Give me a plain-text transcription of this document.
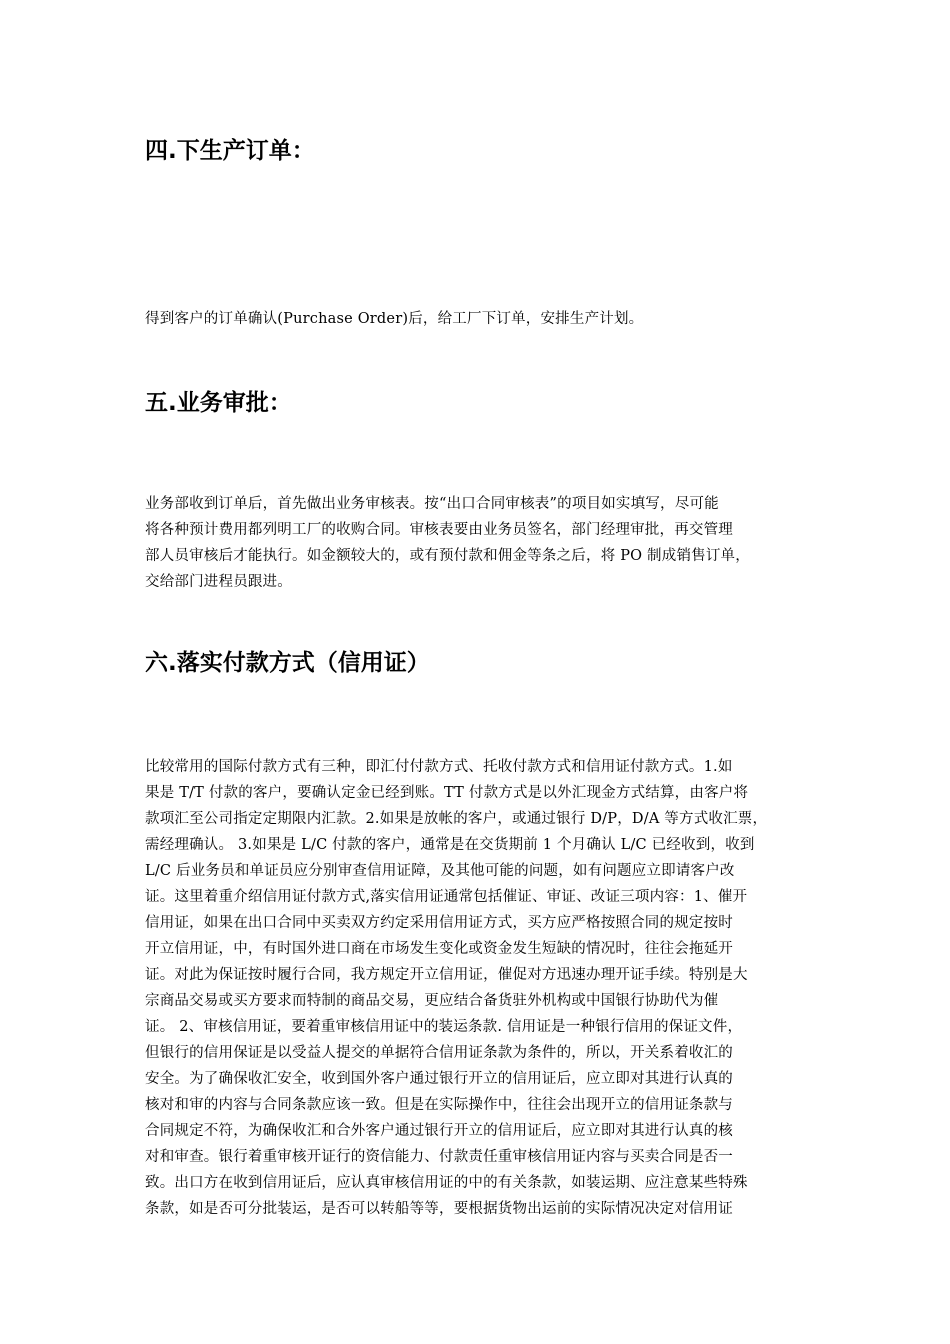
四.下生产订单：

得到客户的订单确认(Purchase Order)后，给工厂下订单，安排生产计划。

五.业务审批：

业务部收到订单后，首先做出业务审核表。按“出口合同审核表”的项目如实填写，尽可能
将各种预计费用都列明工厂的收购合同。审核表要由业务员签名，部门经理审批，再交管理
部人员审核后才能执行。如金额较大的，或有预付款和佣金等条之后，将 PO 制成销售订单，
交给部门进程员跟进。

六.落实付款方式（信用证）

比较常用的国际付款方式有三种，即汇付付款方式、托收付款方式和信用证付款方式。1.如
果是 T/T 付款的客户，要确认定金已经到账。TT 付款方式是以外汇现金方式结算，由客户将
款项汇至公司指定定期限内汇款。2.如果是放帐的客户，或通过银行 D/P，D/A 等方式收汇票，
需经理确认。 3.如果是 L/C 付款的客户，通常是在交货期前 1 个月确认 L/C 已经收到，收到
L/C 后业务员和单证员应分别审查信用证障，及其他可能的问题，如有问题应立即请客户改
证。这里着重介绍信用证付款方式,落实信用证通常包括催证、审证、改证三项内容：1、催开
信用证，如果在出口合同中买卖双方约定采用信用证方式，买方应严格按照合同的规定按时
开立信用证，中，有时国外进口商在市场发生变化或资金发生短缺的情况时，往往会拖延开
证。对此为保证按时履行合同，我方规定开立信用证，催促对方迅速办理开证手续。特别是大
宗商品交易或买方要求而特制的商品交易，更应结合备货驻外机构或中国银行协助代为催
证。 2、审核信用证，要着重审核信用证中的装运条款. 信用证是一种银行信用的保证文件，
但银行的信用保证是以受益人提交的单据符合信用证条款为条件的，所以，开关系着收汇的
安全。为了确保收汇安全，收到国外客户通过银行开立的信用证后，应立即对其进行认真的
核对和审的内容与合同条款应该一致。但是在实际操作中，往往会出现开立的信用证条款与
合同规定不符，为确保收汇和合外客户通过银行开立的信用证后，应立即对其进行认真的核
对和审查。银行着重审核开证行的资信能力、付款责任重审核信用证内容与买卖合同是否一
致。出口方在收到信用证后，应认真审核信用证的中的有关条款，如装运期、应注意某些特殊
条款，如是否可分批装运，是否可以转船等等，要根据货物出运前的实际情况决定对信用证
